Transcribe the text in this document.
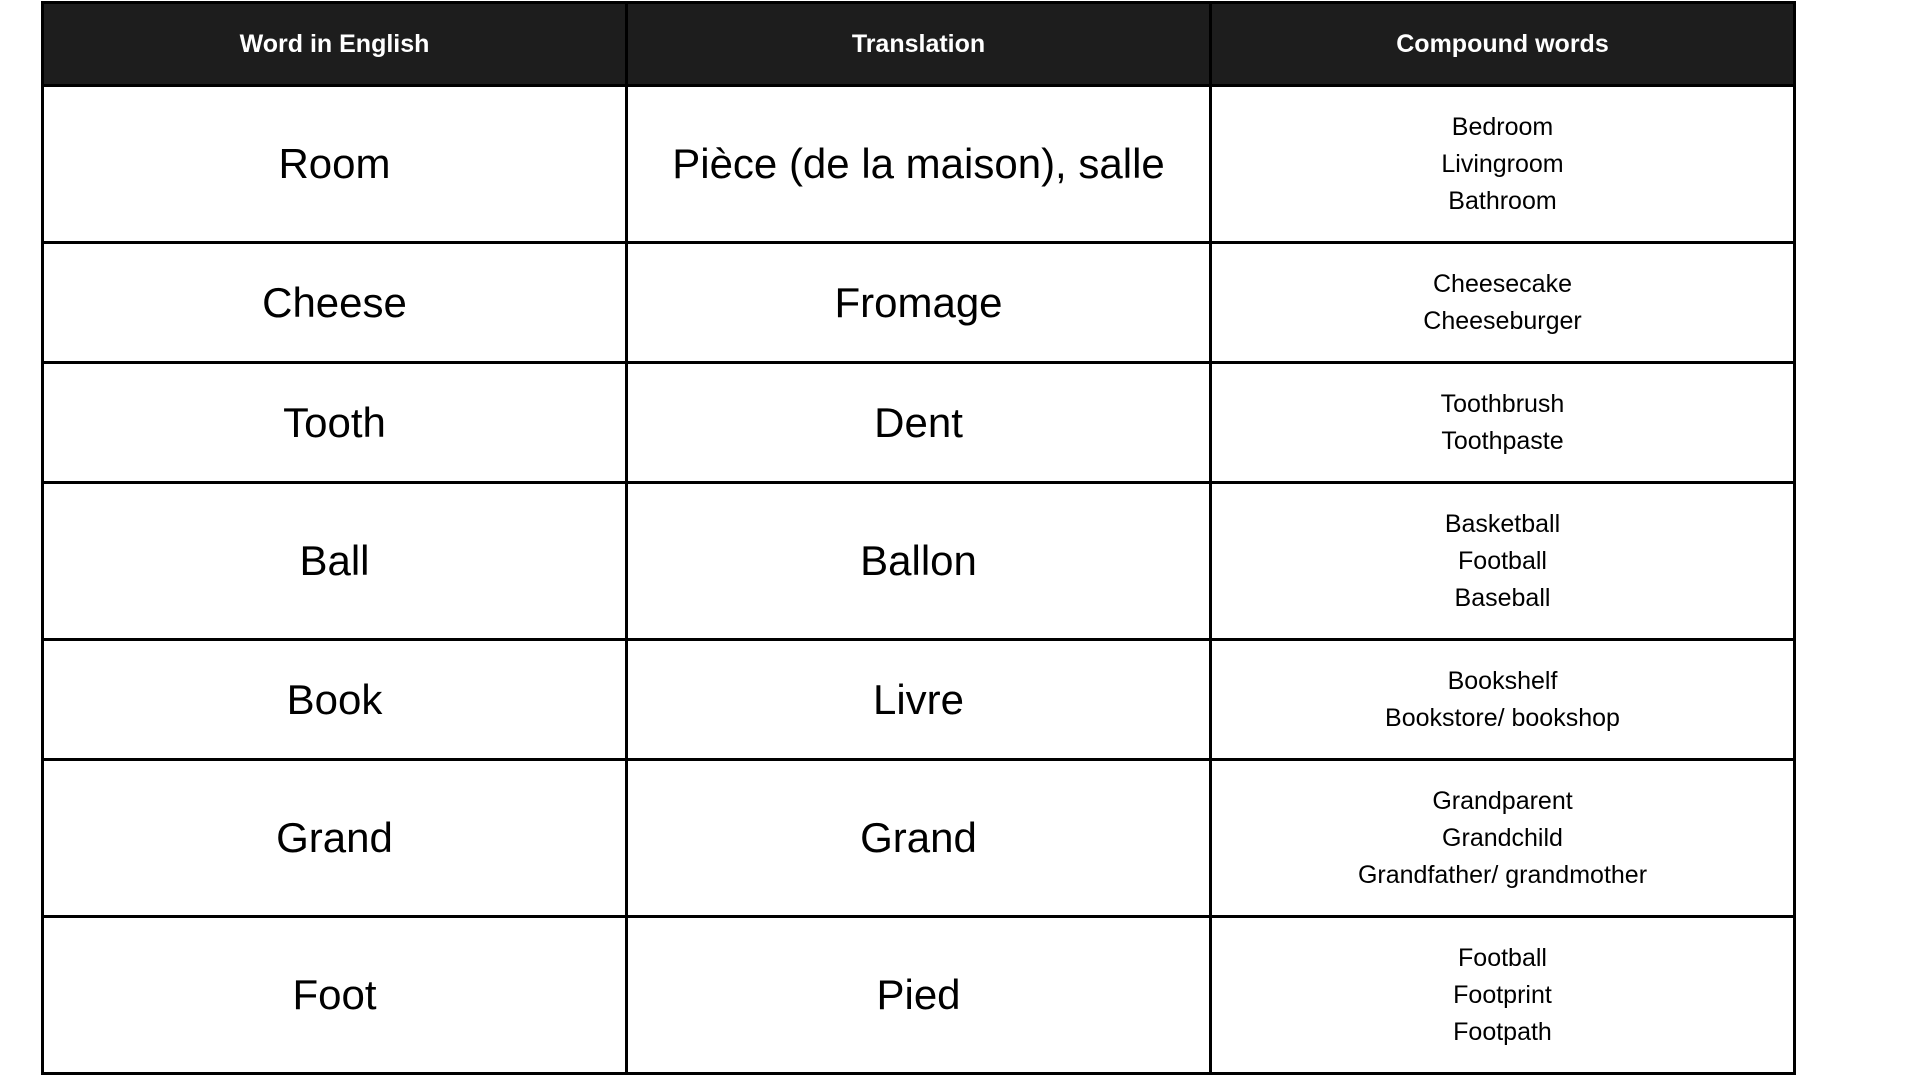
Word in English	Translation	Compound words
Room	Pièce (de la maison), salle	Bedroom
Livingroom
Bathroom

Cheese	Fromage	Cheesecake
Cheeseburger

Tooth	Dent	Toothbrush
Toothpaste

Ball	Ballon	Basketball
Football
Baseball

Book	Livre	Bookshelf
Bookstore/ bookshop

Grand	Grand	Grandparent
Grandchild
Grandfather/ grandmother

Foot	Pied	Football
Footprint
Footpath
